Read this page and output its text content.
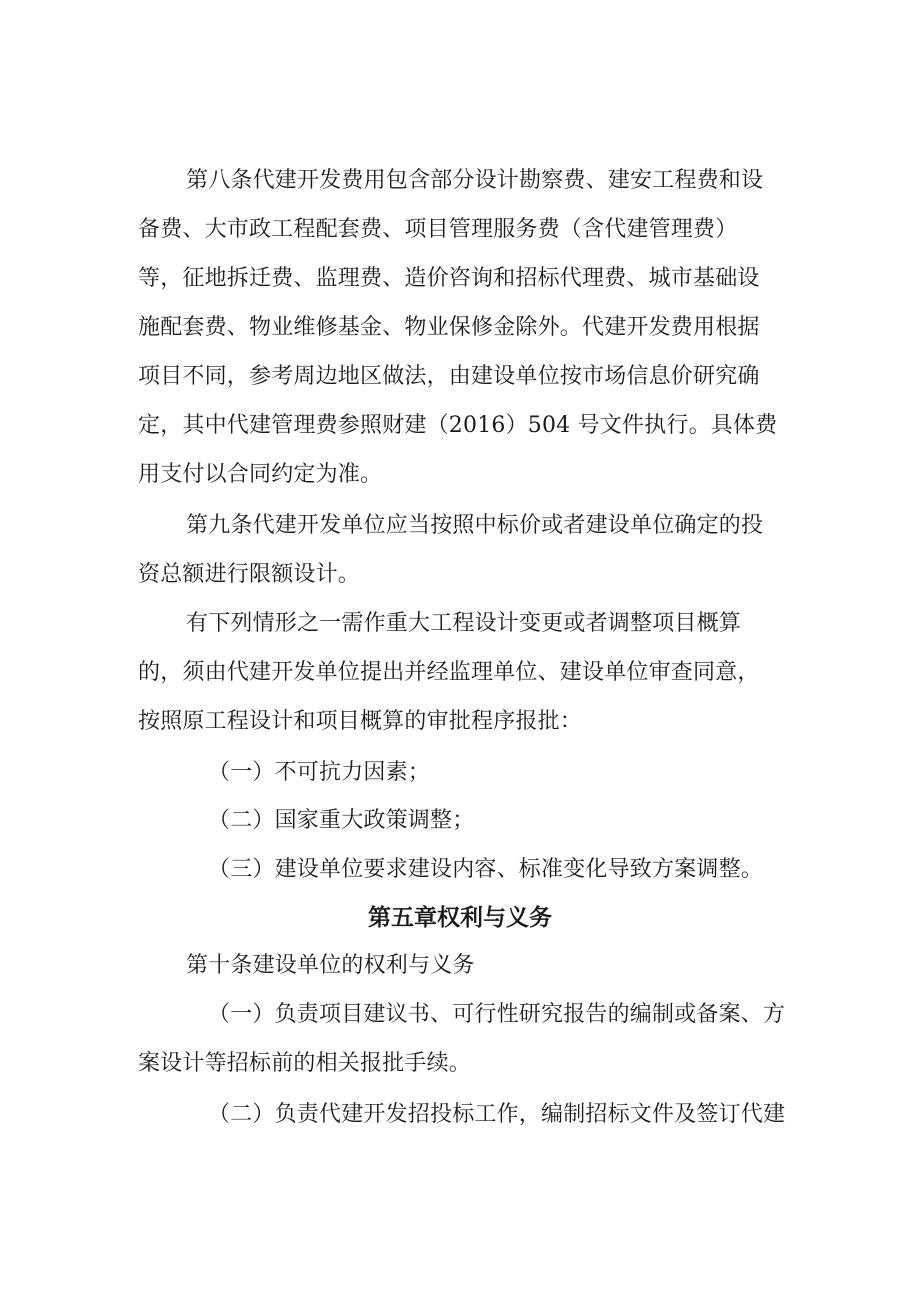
第八条代建开发费用包含部分设计勘察费、建安工程费和设
备费、大市政工程配套费、项目管理服务费（含代建管理费）
等，征地拆迁费、监理费、造价咨询和招标代理费、城市基础设
施配套费、物业维修基金、物业保修金除外。代建开发费用根据
项目不同，参考周边地区做法，由建设单位按市场信息价研究确
定，其中代建管理费参照财建（2016）504 号文件执行。具体费
用支付以合同约定为准。
第九条代建开发单位应当按照中标价或者建设单位确定的投
资总额进行限额设计。
有下列情形之一需作重大工程设计变更或者调整项目概算
的，须由代建开发单位提出并经监理单位、建设单位审查同意，
按照原工程设计和项目概算的审批程序报批：
（一）不可抗力因素；
（二）国家重大政策调整；
（三）建设单位要求建设内容、标准变化导致方案调整。
第五章权利与义务
第十条建设单位的权利与义务
（一）负责项目建议书、可行性研究报告的编制或备案、方
案设计等招标前的相关报批手续。
（二）负责代建开发招投标工作，编制招标文件及签订代建
